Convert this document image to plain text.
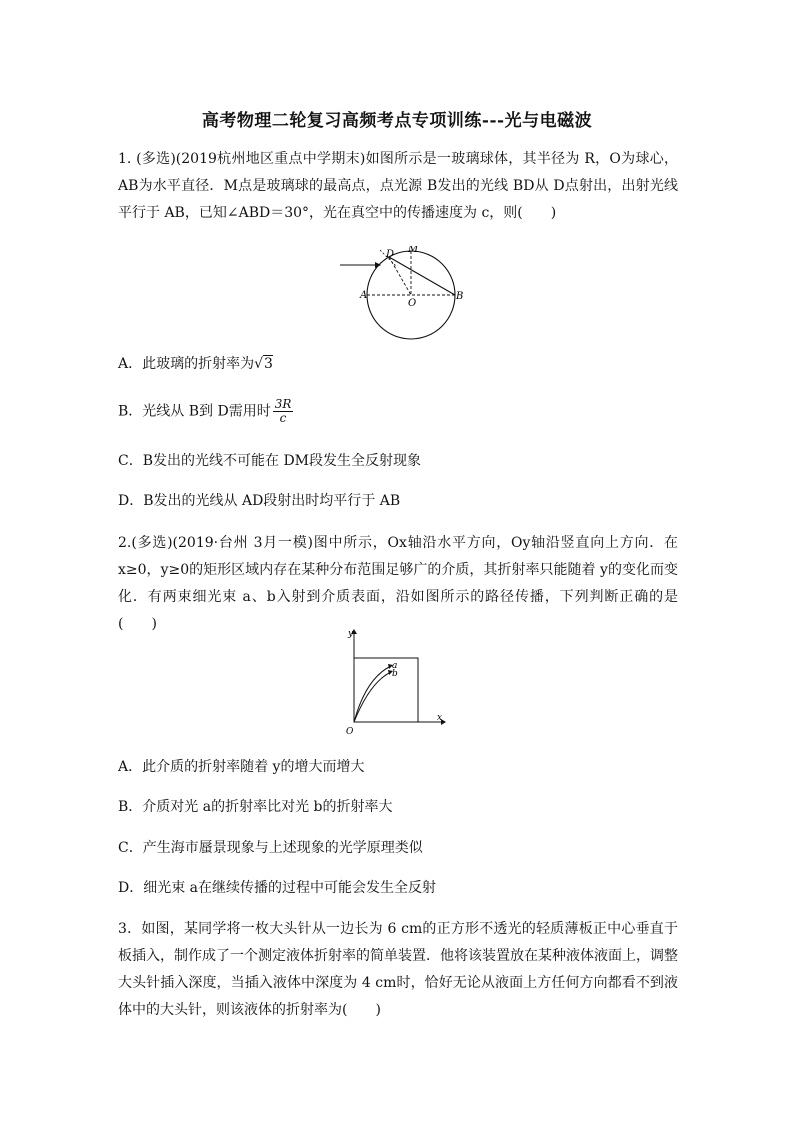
高考物理二轮复习高频考点专项训练---光与电磁波
1. (多选)(2019杭州地区重点中学期末)如图所示是一玻璃球体，其半径为 R，O为球心，AB为水平直径．M点是玻璃球的最高点，点光源 B发出的光线 BD从 D点射出，出射光线平行于 AB，已知∠ABD＝30°，光在真空中的传播速度为 c，则(　　)
D M
A
O
B
A．此玻璃的折射率为√3
B．光线从 B到 D需用时 $\frac{3R}{c}$
C．B发出的光线不可能在 DM段发生全反射现象
D．B发出的光线从 AD段射出时均平行于 AB
2.(多选)(2019·台州 3月一模)图中所示，Ox轴沿水平方向，Oy轴沿竖直向上方向．在 x≥0，y≥0的矩形区域内存在某种分布范围足够广的介质，其折射率只能随着 y的变化而变化．有两束细光束 a、b入射到介质表面，沿如图所示的路径传播，下列判断正确的是(　　)
y
x
O
a
b
A．此介质的折射率随着 y的增大而增大
B．介质对光 a的折射率比对光 b的折射率大
C．产生海市蜃景现象与上述现象的光学原理类似
D．细光束 a在继续传播的过程中可能会发生全反射
3．如图，某同学将一枚大头针从一边长为 6 cm的正方形不透光的轻质薄板正中心垂直于板插入，制作成了一个测定液体折射率的简单装置．他将该装置放在某种液体液面上，调整大头针插入深度，当插入液体中深度为 4 cm时，恰好无论从液面上方任何方向都看不到液体中的大头针，则该液体的折射率为(　　)
